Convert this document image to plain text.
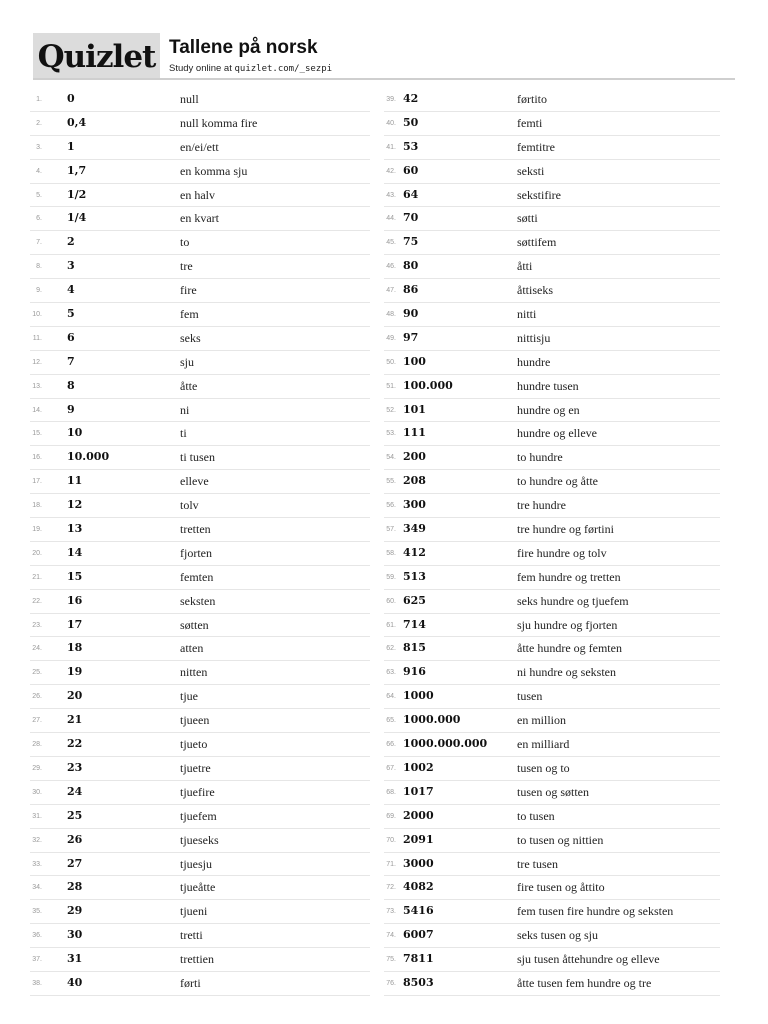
Quizlet Tallene på norsk
Study online at quizlet.com/_sezpi
1. 0	null
2. 0,4	null komma fire
3. 1	en/ei/ett
4. 1,7	en komma sju
5. 1/2	en halv
6. 1/4	en kvart
7. 2	to
8. 3	tre
9. 4	fire
10. 5	fem
11. 6	seks
12. 7	sju
13. 8	åtte
14. 9	ni
15. 10	ti
16. 10.000	ti tusen
17. 11	elleve
18. 12	tolv
19. 13	tretten
20. 14	fjorten
21. 15	femten
22. 16	seksten
23. 17	søtten
24. 18	atten
25. 19	nitten
26. 20	tjue
27. 21	tjueen
28. 22	tjueto
29. 23	tjuetre
30. 24	tjuefire
31. 25	tjuefem
32. 26	tjueseks
33. 27	tjuesju
34. 28	tjueåtte
35. 29	tjueni
36. 30	tretti
37. 31	trettien
38. 40	førti
39. 42	førtito
40. 50	femti
41. 53	femtitre
42. 60	seksti
43. 64	sekstifire
44. 70	søtti
45. 75	søttifem
46. 80	åtti
47. 86	åttiseks
48. 90	nitti
49. 97	nittisju
50. 100	hundre
51. 100.000	hundre tusen
52. 101	hundre og en
53. 111	hundre og elleve
54. 200	to hundre
55. 208	to hundre og åtte
56. 300	tre hundre
57. 349	tre hundre og førtini
58. 412	fire hundre og tolv
59. 513	fem hundre og tretten
60. 625	seks hundre og tjuefem
61. 714	sju hundre og fjorten
62. 815	åtte hundre og femten
63. 916	ni hundre og seksten
64. 1000	tusen
65. 1000.000	en million
66. 1000.000.000 en milliard
67. 1002	tusen og to
68. 1017	tusen og søtten
69. 2000	to tusen
70. 2091	to tusen og nittien
71. 3000	tre tusen
72. 4082	fire tusen og åttito
73. 5416	fem tusen fire hundre og seksten
74. 6007	seks tusen og sju
75. 7811	sju tusen åttehundre og elleve
76. 8503	åtte tusen fem hundre og tre
